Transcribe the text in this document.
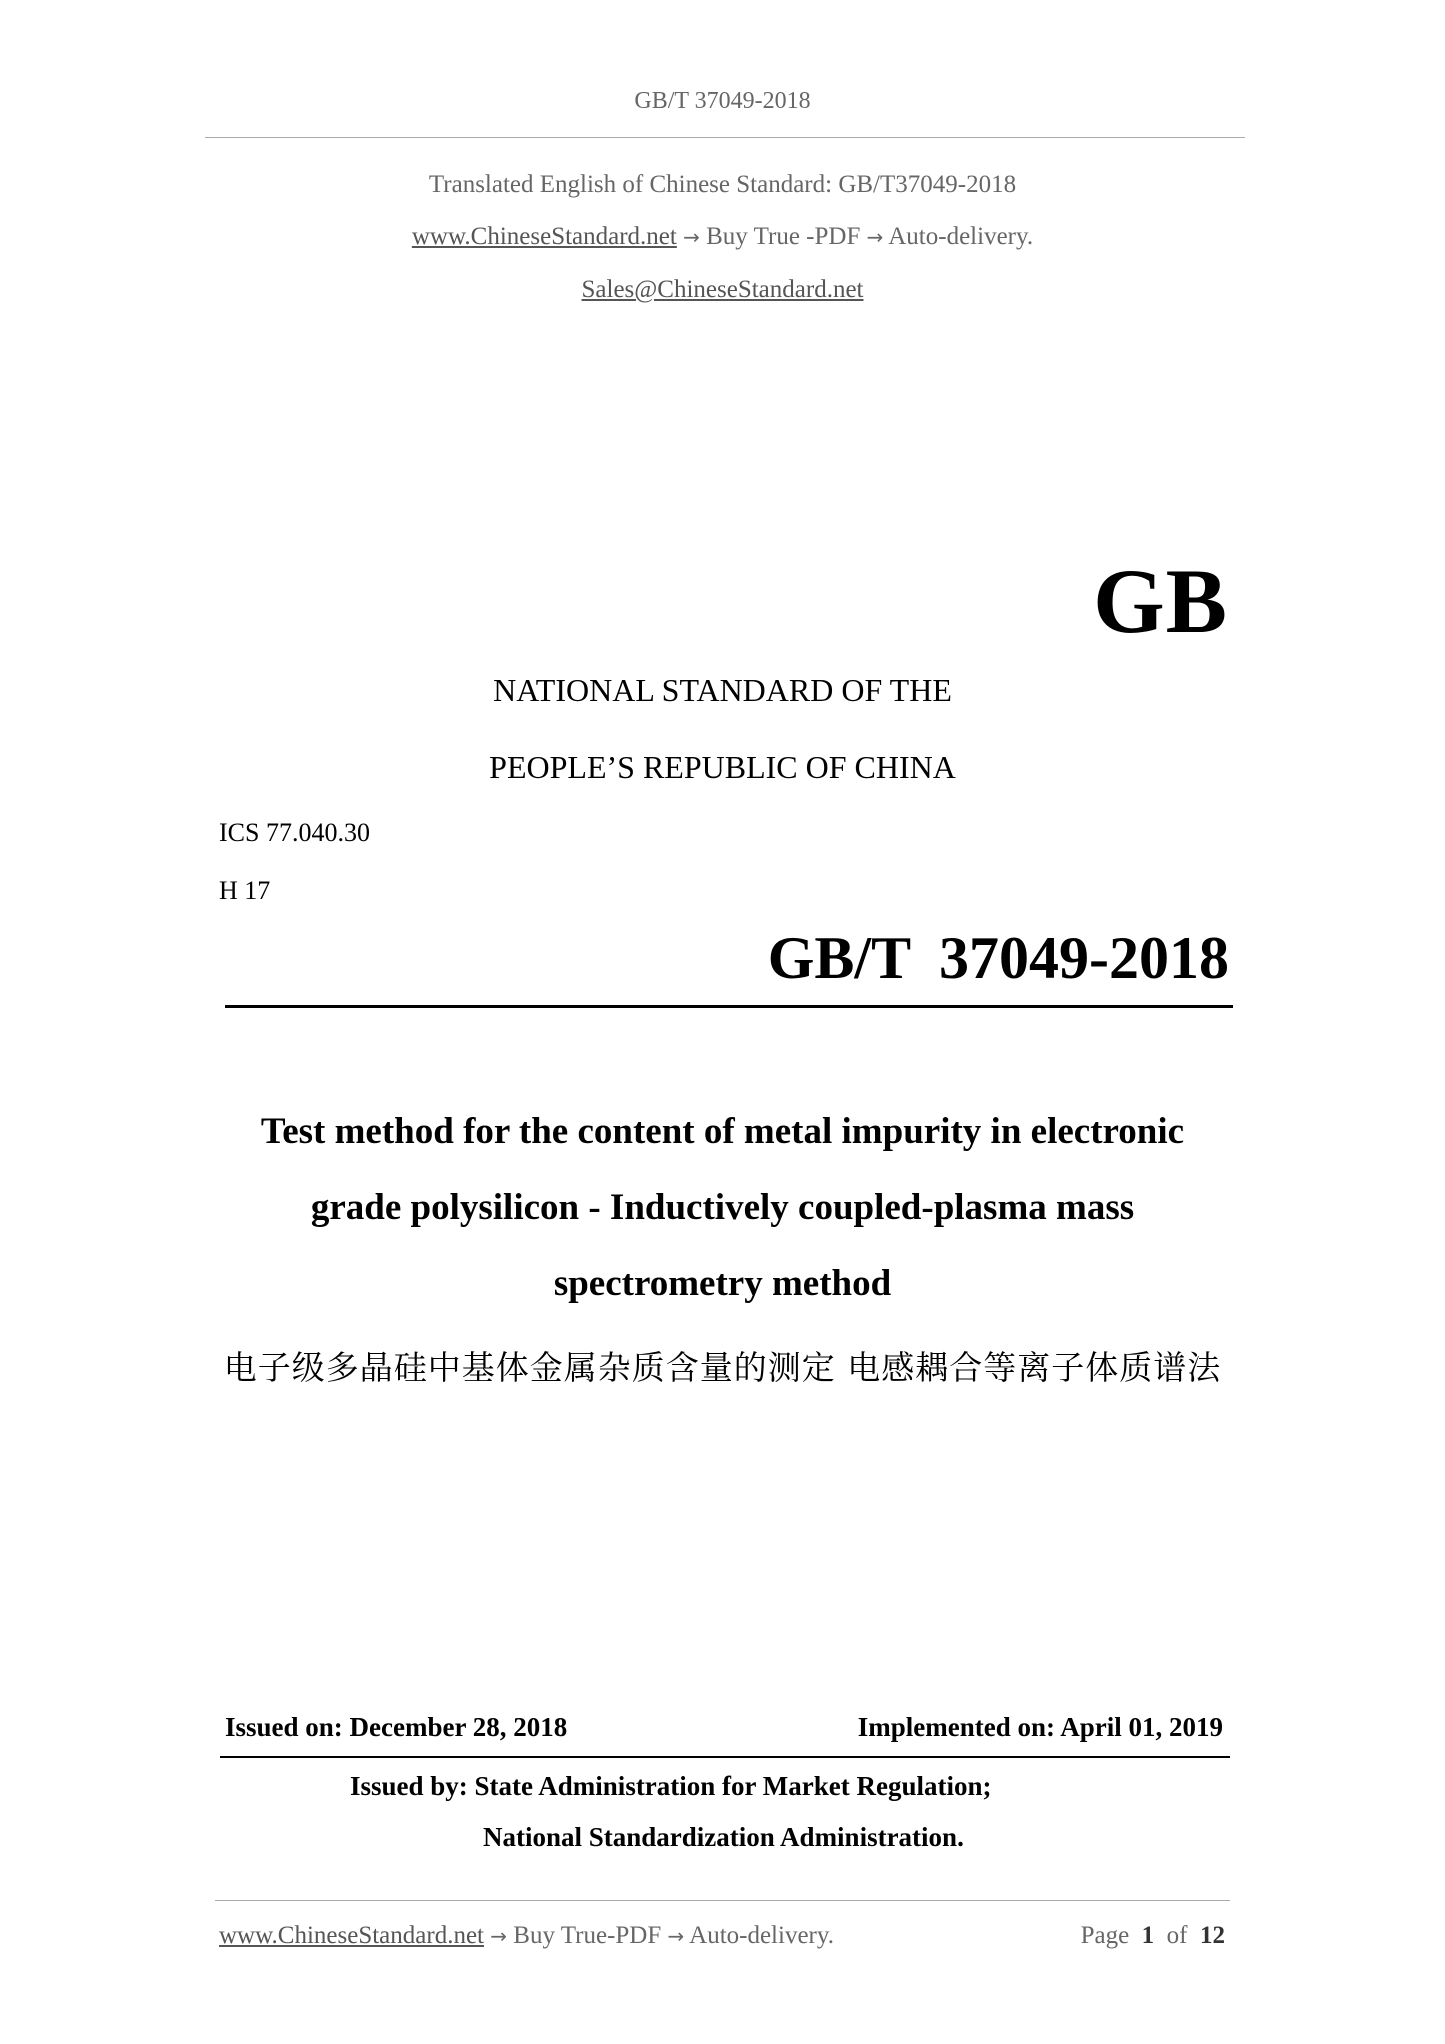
GB/T 37049-2018
Translated English of Chinese Standard: GB/T37049-2018
www.ChineseStandard.net → Buy True -PDF → Auto-delivery.
Sales@ChineseStandard.net
GB
NATIONAL STANDARD OF THE
PEOPLE’S REPUBLIC OF CHINA
ICS 77.040.30
H 17
GB/T 37049-2018
Test method for the content of metal impurity in electronic
grade polysilicon - Inductively coupled-plasma mass
spectrometry method
电子级多晶硅中基体金属杂质含量的测定 电感耦合等离子体质谱法
Issued on: December 28, 2018	Implemented on: April 01, 2019
Issued by: State Administration for Market Regulation;
National Standardization Administration.
www.ChineseStandard.net → Buy True-PDF → Auto-delivery.	Page 1 of 12
